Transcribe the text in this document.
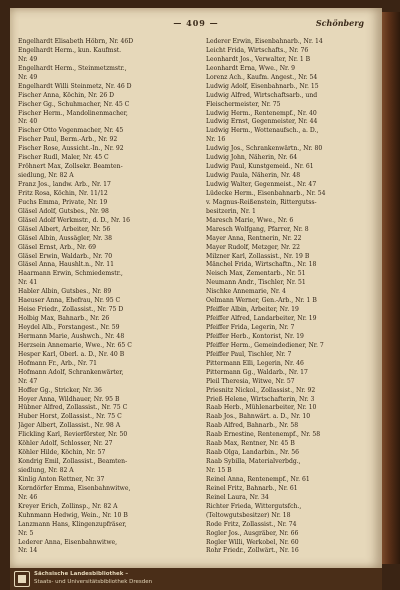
— 409 —	Schönberg
Engelhardt Elisabeth Höbrn, Nr. 46D
Engelhardt Herm., kun. Kaufmst.
Nr. 49
Engelhardt Herm., Steinmetzmstr.,
Nr. 49
Engelhardt Willi Steinmetz, Nr. 46 D
Fischer Anna, Köchin, Nr. 26 D
Fischer Gg., Schuhmacher, Nr. 45 C
Fischer Herm., Mandolinenmacher,
Nr. 40
Fischer Otto Vogenmacher, Nr. 45
Fischer Paul, Berm.-Arb., Nr. 92
Fischer Rose, Aussicht.-In., Nr. 92
Fischer Rudl, Maler, Nr. 45 C
Fröhnert Max, Zollsekr. Beamten-
siedlung, Nr. 82 A
Franz Jos., landw. Arb., Nr. 17
Fritz Rosa, Köchin, Nr. 11/12
Fuchs Emma, Private, Nr. 19
Gläsel Adolf, Gutsbes., Nr. 98
Gläsel Adolf Werkmstr., d. D., Nr. 16
Gläsel Albert, Arbeiter, Nr. 56
Gläsel Albin, Aussägler, Nr. 38
Gläsel Ernst, Arb., Nr. 69
Gläsel Erwin, Waldarb., Nr. 70
Gläsel Anna, Haushlt.n., Nr. 11
Haarmann Erwin, Schmiedemstr.,
Nr. 41
Habler Albin, Gutsbes., Nr. 89
Haeuser Anna, Ehefrau, Nr. 95 C
Heise Friedr., Zollassist., Nr. 75 D
Holbig Max, Bahnarb., Nr. 26
Heydel Alb., Forstangest., Nr. 59
Hermann Marie, Aushwch., Nr. 48
Herzsein Annemarie, Wwe., Nr. 65 C
Hesper Karl, Oberl. a. D., Nr. 40 B
Hofmann Fr., Arb., Nr. 71
Hofmann Adolf, Schrankenwärter,
Nr. 47
Hoffer Gg., Stricker, Nr. 36
Hoyer Anna, Wildhauer, Nr. 95 B
Hübner Alfred, Zollassist., Nr. 75 C
Huber Horst, Zollassist., Nr. 75 C
Jäger Albert, Zollassist., Nr. 98 A
Flickling Karl, Revierförster, Nr. 50
Köhler Adolf, Schlosser, Nr. 27
Köhler Hilde, Köchin, Nr. 57
Kondrig Emil, Zollassist., Beamten-
siedlung, Nr. 82 A
Kinlig Anton Rettner, Nr. 37
Korndörfer Emma, Eisenbahnwitwe,
Nr. 46
Kreyer Erich, Zollinsp., Nr. 82 A
Kuhnmann Hedwig, Wein., Nr. 10 B
Lanzmann Hans, Klingenzupfräser,
Nr. 5
Lederer Anna, Eisenbahnwitwe,
Nr. 14
Lederer Erwin, Eisenbahnarb., Nr. 14
Leicht Frida, Wirtschafts., Nr. 76
Leonhardt Jos., Verwalter, Nr. 1 B
Leonhardt Erna, Wwe., Nr. 9
Lorenz Ach., Kaufm. Angest., Nr. 54
Ludwig Adolf, Eisenbahnarb., Nr. 15
Ludwig Alfred, Wirtschaftsarb., und
Fleischermeister, Nr. 75
Ludwig Herm., Rentenempf., Nr. 40
Ludwig Ernst, Gegenmeister, Nr. 44
Ludwig Herm., Wottenaufsch., a. D.,
Nr. 16
Ludwig Jos., Schrankenwärtn., Nr. 80
Ludwig John, Näherin, Nr. 64
Ludwig Paul, Kunstgemeid., Nr. 61
Ludwig Paula, Näherin, Nr. 48
Ludwig Walter, Gegenmeist., Nr. 47
Lüdecke Herm., Eisenbahnarb., Nr. 54
v. Magnus-Reißenstein, Rittergutss-
besitzerin, Nr. 1
Maresch Marie, Wwe., Nr. 6
Maresch Wolfgang, Pfarrer, Nr. 8
Mayer Anna, Rentnerin, Nr. 22
Mayer Rudolf, Metzger, Nr. 22
Milzner Karl, Zollassist., Nr. 19 B
Mänchel Frida, Wirtschaftn., Nr. 18
Neisch Max, Zementarb., Nr. 51
Neumann Andr., Tischler, Nr. 51
Nischke Annemarie, Nr. 4
Oelmann Werner, Gen.-Arb., Nr. 1 B
Pfeiffer Albin, Arbeiter, Nr. 19
Pfeiffer Alfred, Landarbeiter, Nr. 19
Pfeiffer Frida, Legerin, Nr. 7
Pfeiffer Herb., Kontorist, Nr. 19
Pfeiffer Herm., Gemeindediener, Nr. 7
Pfeiffer Paul, Tischler, Nr. 7
Pittermann Elli, Legerin, Nr. 46
Pittermann Gg., Waldarb., Nr. 17
Pleil Theresia, Witwe, Nr. 57
Priesnitz Nickol., Zollassist., Nr. 92
Prieß Helene, Wirtschafterin, Nr. 3
Raab Herb., Mühlenarbeiter, Nr. 10
Raab Jos., Bahnwärt. a. D., Nr. 10
Raab Alfred, Bahnarb., Nr. 58
Raab Ernestine, Rentenempf., Nr. 58
Raab Max, Rentner, Nr. 45 B
Raab Olga, Landarbin., Nr. 56
Raab Sybilla, Materialverbdg.,
Nr. 15 B
Reinel Anna, Rentenempf., Nr. 61
Reinel Fritz, Bahnarb., Nr. 61
Reinel Laura, Nr. 34
Richter Frieda, Wittergutsfch.,
(Teltowgutsbesitzer) Nr. 18
Rode Fritz, Zollassist., Nr. 74
Rogler Jos., Ausgräber, Nr. 66
Rogler Willi, Werkobel, Nr. 60
Rohr Friedr., Zollwärt., Nr. 16
Sächsische Landesbibliothek –
Staats- und Universitätsbibliothek Dresden
